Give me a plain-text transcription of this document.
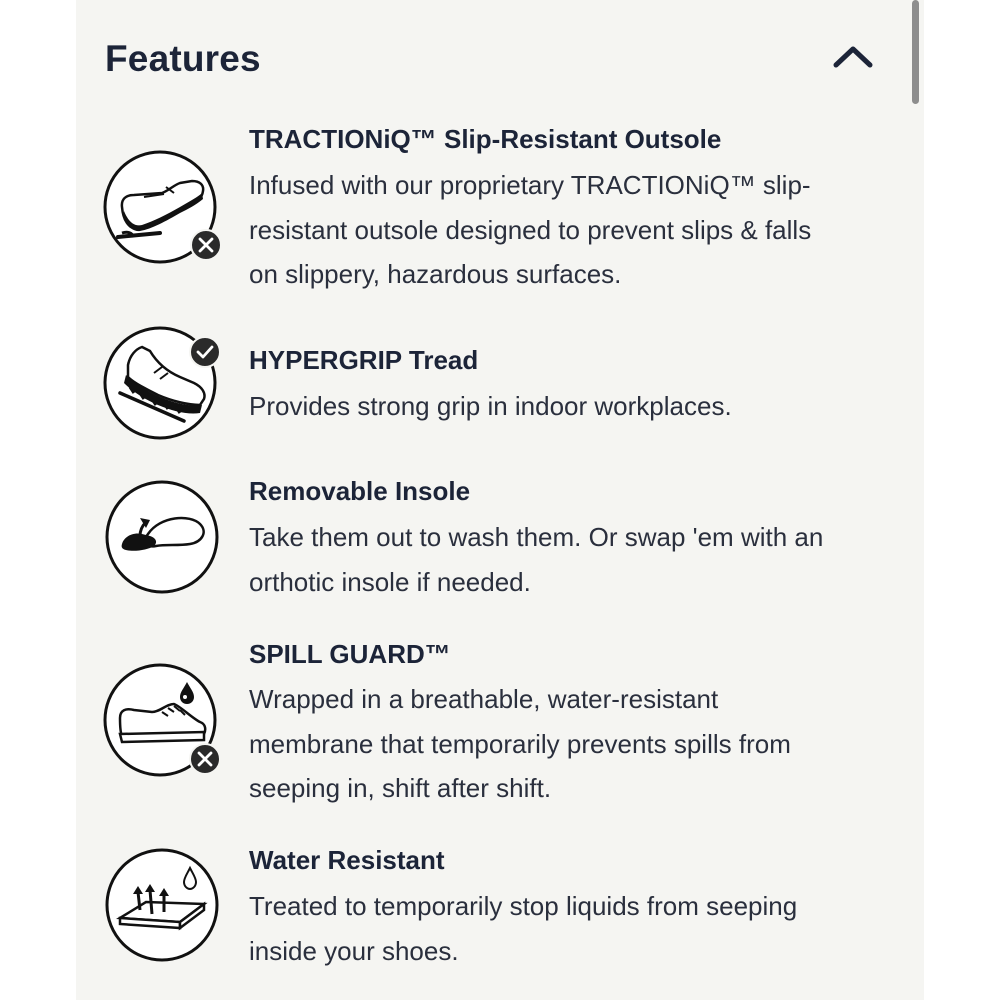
Features
TRACTIONiQ™ Slip-Resistant Outsole
Infused with our proprietary TRACTIONiQ™ slip-
resistant outsole designed to prevent slips & falls
on slippery, hazardous surfaces.
HYPERGRIP Tread
Provides strong grip in indoor workplaces.
Removable Insole
Take them out to wash them. Or swap 'em with an
orthotic insole if needed.
SPILL GUARD™
Wrapped in a breathable, water-resistant
membrane that temporarily prevents spills from
seeping in, shift after shift.
Water Resistant
Treated to temporarily stop liquids from seeping
inside your shoes.
